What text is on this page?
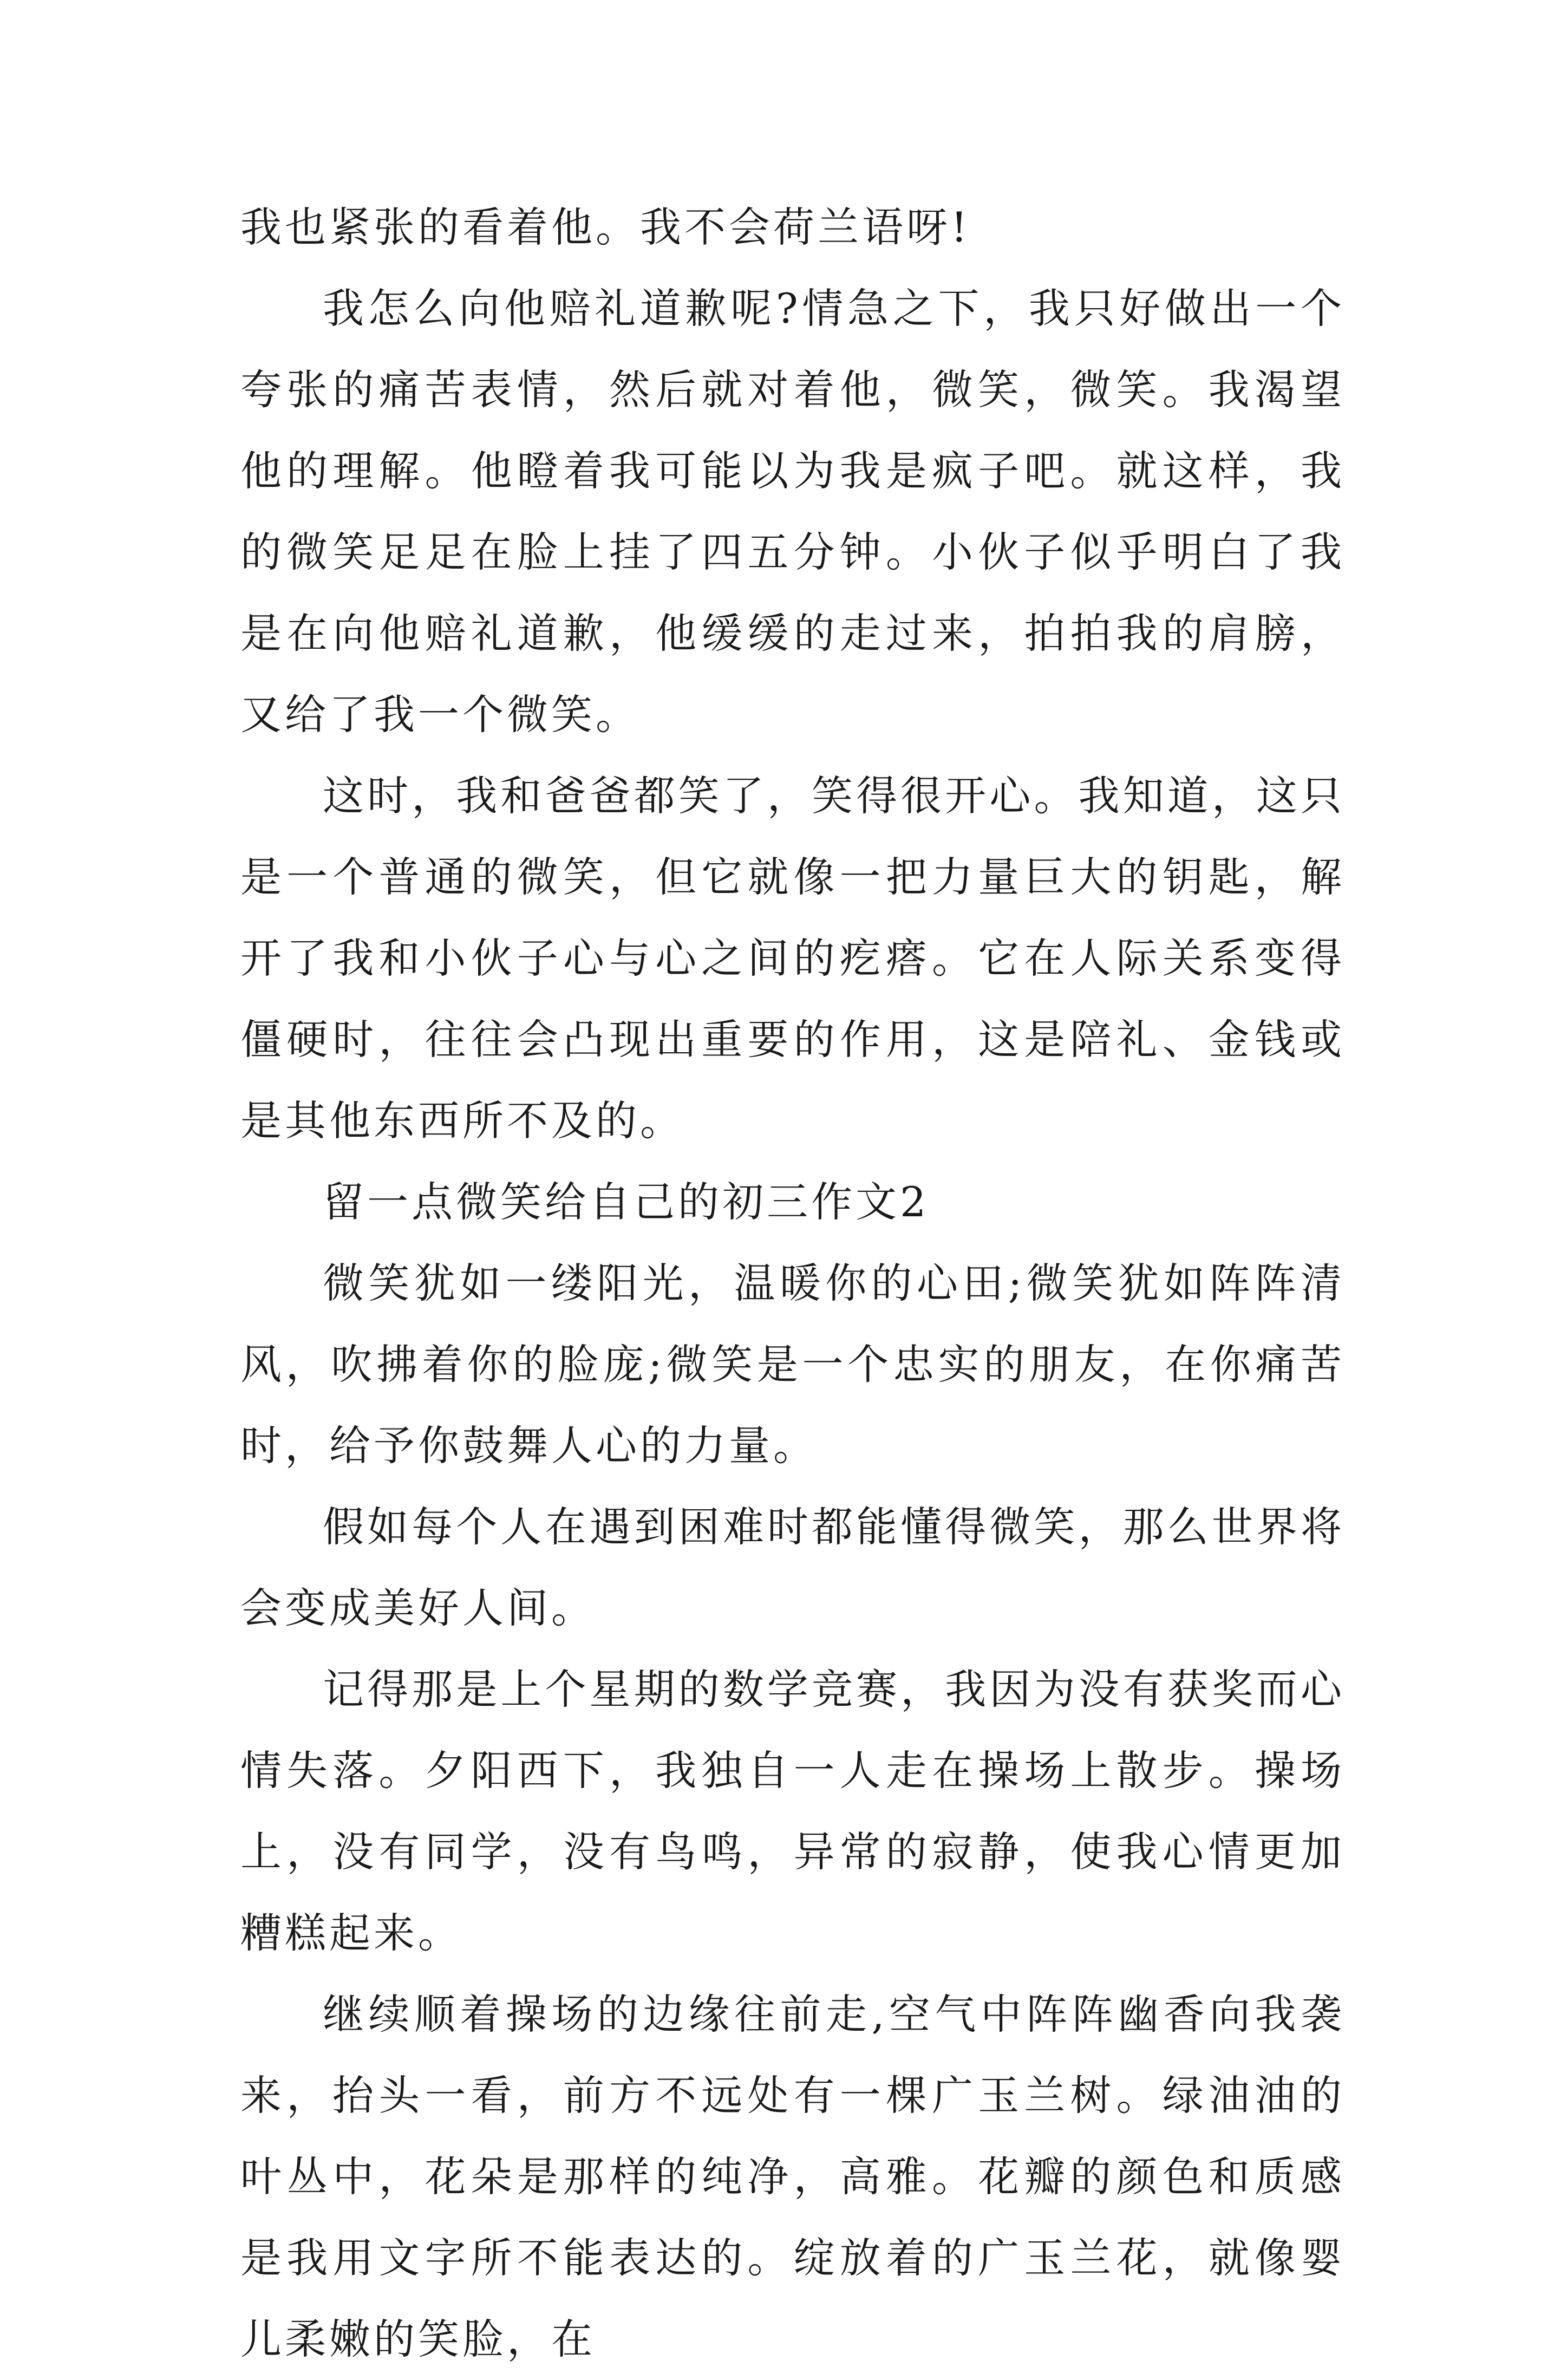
我也紧张的看着他。我不会荷兰语呀!

我怎么向他赔礼道歉呢?情急之下，我只好做出一个夸张的痛苦表情，然后就对着他，微笑，微笑。我渴望他的理解。他瞪着我可能以为我是疯子吧。就这样，我的微笑足足在脸上挂了四五分钟。小伙子似乎明白了我是在向他赔礼道歉，他缓缓的走过来，拍拍我的肩膀，又给了我一个微笑。

这时，我和爸爸都笑了，笑得很开心。我知道，这只是一个普通的微笑，但它就像一把力量巨大的钥匙，解开了我和小伙子心与心之间的疙瘩。它在人际关系变得僵硬时，往往会凸现出重要的作用，这是陪礼、金钱或是其他东西所不及的。

留一点微笑给自己的初三作文2

微笑犹如一缕阳光，温暖你的心田;微笑犹如阵阵清风，吹拂着你的脸庞;微笑是一个忠实的朋友，在你痛苦时，给予你鼓舞人心的力量。

假如每个人在遇到困难时都能懂得微笑，那么世界将会变成美好人间。

记得那是上个星期的数学竞赛，我因为没有获奖而心情失落。夕阳西下，我独自一人走在操场上散步。操场上，没有同学，没有鸟鸣，异常的寂静，使我心情更加糟糕起来。

继续顺着操场的边缘往前走,空气中阵阵幽香向我袭来，抬头一看，前方不远处有一棵广玉兰树。绿油油的叶丛中，花朵是那样的纯净，高雅。花瓣的颜色和质感是我用文字所不能表达的。绽放着的广玉兰花，就像婴儿柔嫩的笑脸，在
